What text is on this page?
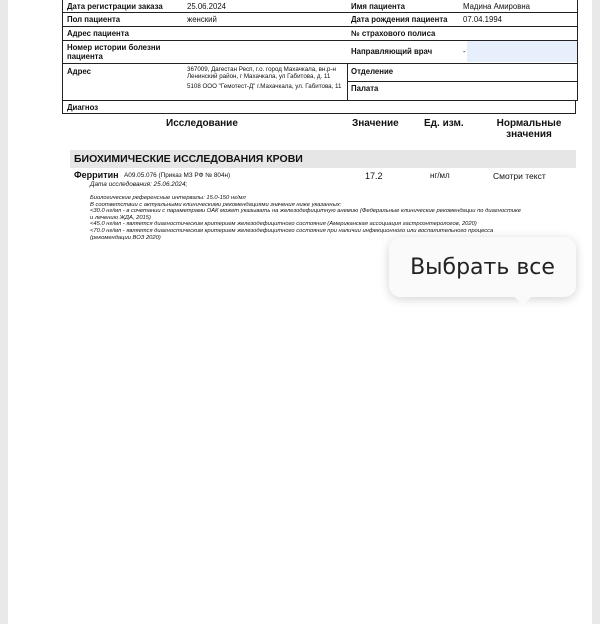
Дата регистрации заказа	25.06.2024	Имя пациента	Мадина Амировна
Пол пациента	женский	Дата рождения пациента 07.04.1994
Адрес пациента	№ страхового полиса
Номер истории болезни пациента
Направляющий врач	-
Адрес	367009, Дагестан Респ, г.о. город Махачкала, вн.р-н Ленинский район, г Махачкала, ул Габитова, д. 11
5108 ООО "Гемотест-Д" г.Махачкала, ул. Габитова, 11
Отделение
Палата
Диагноз
Исследование	Значение	Ед. изм.	Нормальные значения
БИОХИМИЧЕСКИЕ ИССЛЕДОВАНИЯ КРОВИ
Ферритин A09.05.076 (Приказ МЗ РФ № 804н)	17.2	нг/мл	Смотри текст
Дата исследования: 25.06.2024;
Биологические референсные интервалы: 15.0-150 нг/мл
В соответствии с актуальными клиническими рекомендациями значения ниже указанных:
<30.0 нг/мл - в сочетании с параметрами ОАК может указывать на железодефицитную анемию (Федеральные клинические рекомендации по диагностике
и лечению ЖДА, 2015)
<45.0 нг/мл - является диагностическим критерием железодефицитного состояния (Американская ассоциация гастроэнтерологов, 2020)
<70.0 нг/мл - является диагностическим критерием железодефицитного состояния при наличии инфекционного или воспалительного процесса
(рекомендации ВОЗ 2020)
Выбрать все
